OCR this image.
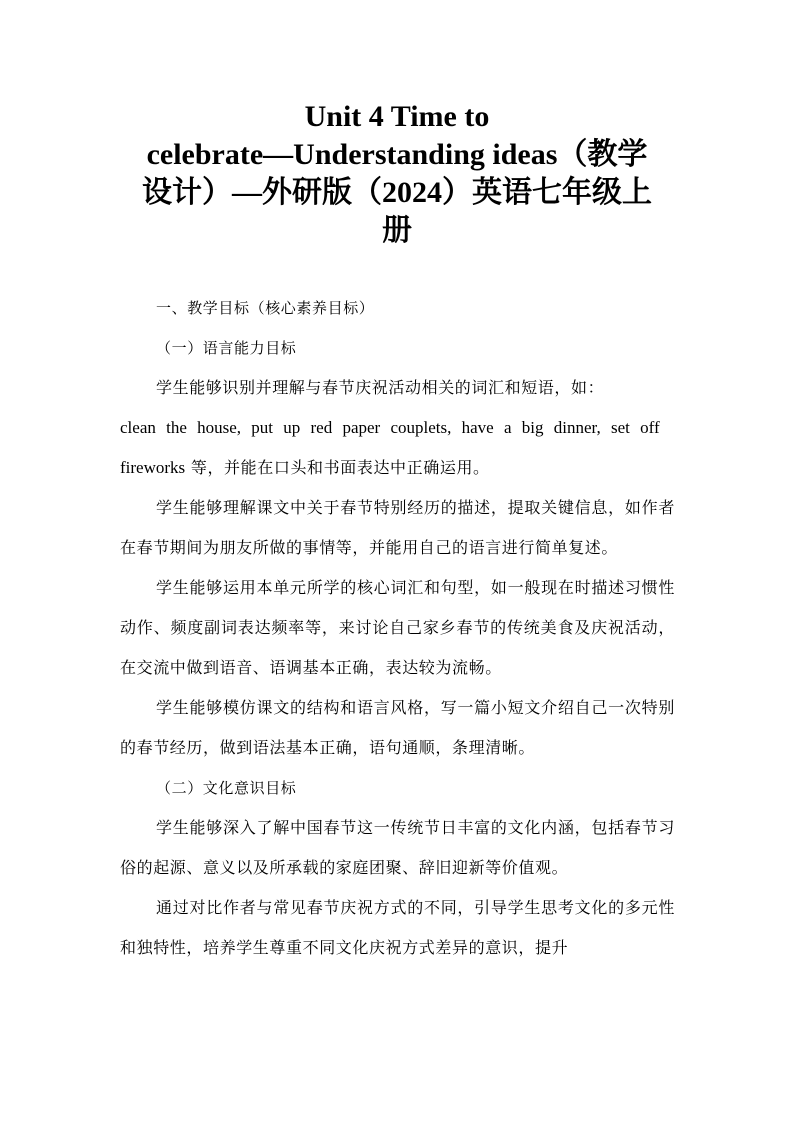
Unit 4 Time to
celebrate—Understanding ideas（教学
设计）—外研版（2024）英语七年级上
册

一、教学目标（核心素养目标）

（一）语言能力目标

学生能够识别并理解与春节庆祝活动相关的词汇和短语，如：

clean the house, put up red paper couplets, have a big dinner, set off

fireworks 等，并能在口头和书面表达中正确运用。

学生能够理解课文中关于春节特别经历的描述，提取关键信息，如作者在春节期间为朋友所做的事情等，并能用自己的语言进行简单复述。

学生能够运用本单元所学的核心词汇和句型，如一般现在时描述习惯性动作、频度副词表达频率等，来讨论自己家乡春节的传统美食及庆祝活动，在交流中做到语音、语调基本正确，表达较为流畅。

学生能够模仿课文的结构和语言风格，写一篇小短文介绍自己一次特别的春节经历，做到语法基本正确，语句通顺，条理清晰。

（二）文化意识目标

学生能够深入了解中国春节这一传统节日丰富的文化内涵，包括春节习俗的起源、意义以及所承载的家庭团聚、辞旧迎新等价值观。

通过对比作者与常见春节庆祝方式的不同，引导学生思考文化的多元性和独特性，培养学生尊重不同文化庆祝方式差异的意识，提升
